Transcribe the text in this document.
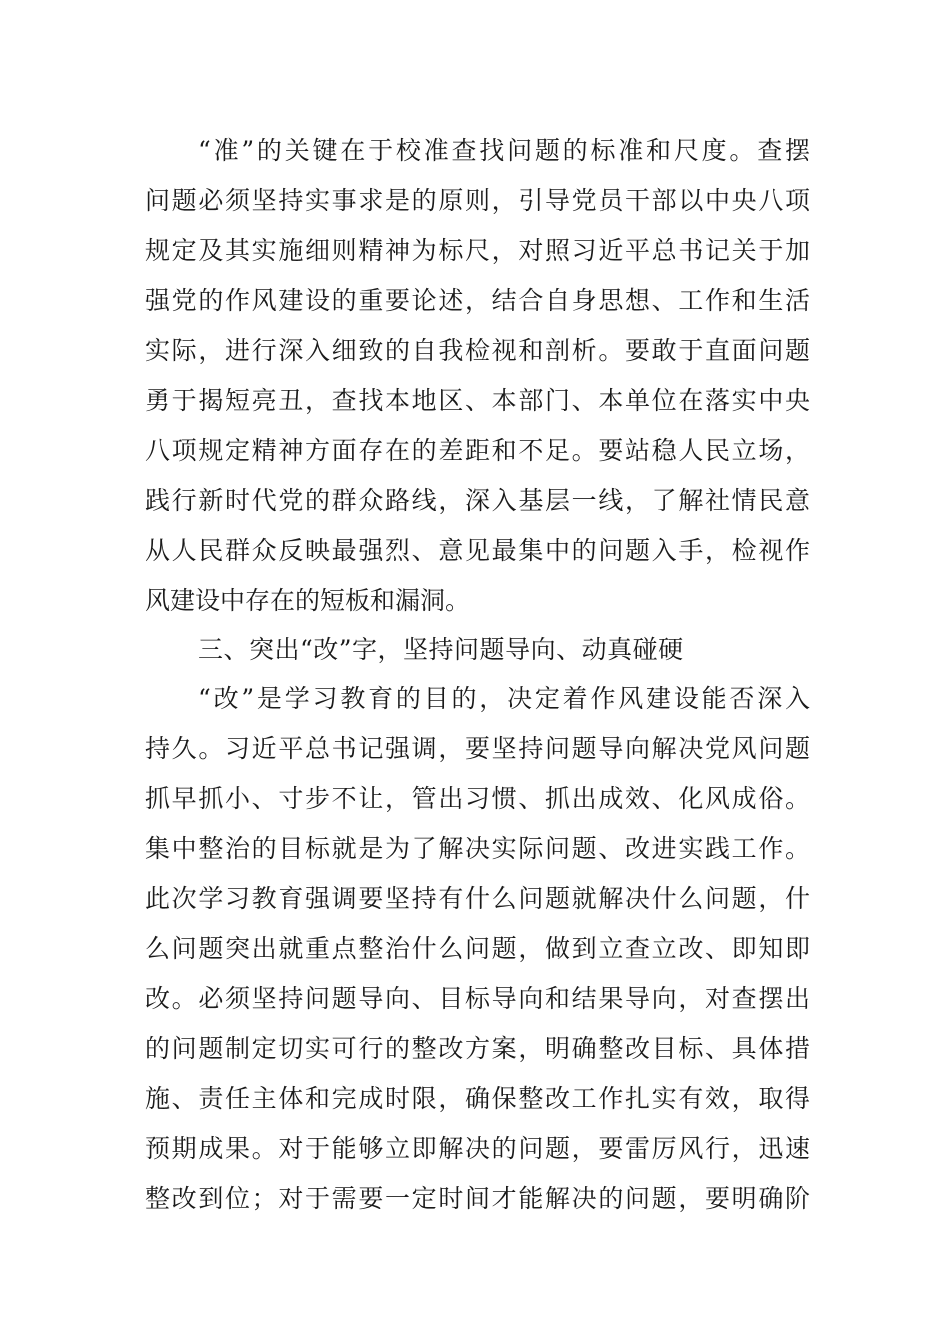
“准”的关键在于校准查找问题的标准和尺度。查摆
问题必须坚持实事求是的原则，引导党员干部以中央八项
规定及其实施细则精神为标尺，对照习近平总书记关于加
强党的作风建设的重要论述，结合自身思想、工作和生活
实际，进行深入细致的自我检视和剖析。要敢于直面问题
勇于揭短亮丑，查找本地区、本部门、本单位在落实中央
八项规定精神方面存在的差距和不足。要站稳人民立场，
践行新时代党的群众路线，深入基层一线，了解社情民意
从人民群众反映最强烈、意见最集中的问题入手，检视作
风建设中存在的短板和漏洞。
三、突出“改”字，坚持问题导向、动真碰硬
“改”是学习教育的目的，决定着作风建设能否深入
持久。习近平总书记强调，要坚持问题导向解决党风问题
抓早抓小、寸步不让，管出习惯、抓出成效、化风成俗。
集中整治的目标就是为了解决实际问题、改进实践工作。
此次学习教育强调要坚持有什么问题就解决什么问题，什
么问题突出就重点整治什么问题，做到立查立改、即知即
改。必须坚持问题导向、目标导向和结果导向，对查摆出
的问题制定切实可行的整改方案，明确整改目标、具体措
施、责任主体和完成时限，确保整改工作扎实有效，取得
预期成果。对于能够立即解决的问题，要雷厉风行，迅速
整改到位；对于需要一定时间才能解决的问题，要明确阶
